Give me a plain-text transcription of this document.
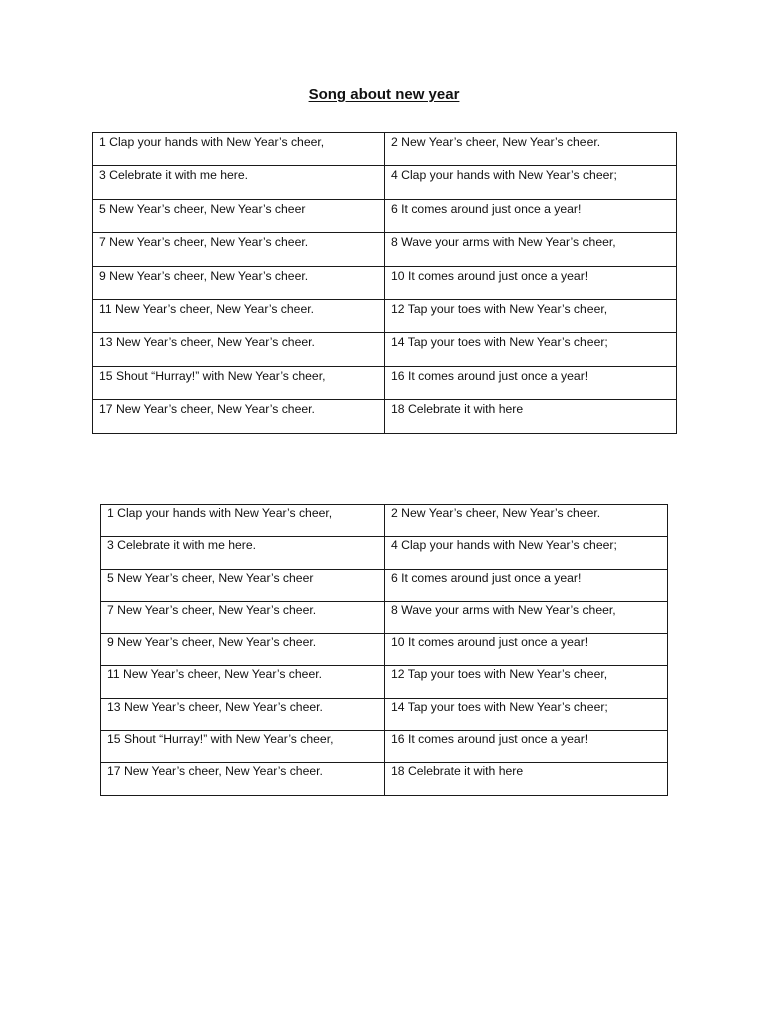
Song about new year
1 Clap your hands with New Year’s cheer,	2 New Year’s cheer, New Year’s cheer.
3 Celebrate it with me here.	4 Clap your hands with New Year’s cheer;
5 New Year’s cheer, New Year’s cheer	6 It comes around just once a year!
7 New Year’s cheer, New Year’s cheer.	8 Wave your arms with New Year’s cheer,
9 New Year’s cheer, New Year’s cheer.	10 It comes around just once a year!
11 New Year’s cheer, New Year’s cheer.	12 Tap your toes with New Year’s cheer,
13 New Year’s cheer, New Year’s cheer.	14 Tap your toes with New Year’s cheer;
15 Shout “Hurray!” with New Year’s cheer,	16 It comes around just once a year!
17 New Year’s cheer, New Year’s cheer.	18 Celebrate it with here
1 Clap your hands with New Year’s cheer,	2 New Year’s cheer, New Year’s cheer.
3 Celebrate it with me here.	4 Clap your hands with New Year’s cheer;
5 New Year’s cheer, New Year’s cheer	6 It comes around just once a year!
7 New Year’s cheer, New Year’s cheer.	8 Wave your arms with New Year’s cheer,
9 New Year’s cheer, New Year’s cheer.	10 It comes around just once a year!
11 New Year’s cheer, New Year’s cheer.	12 Tap your toes with New Year’s cheer,
13 New Year’s cheer, New Year’s cheer.	14 Tap your toes with New Year’s cheer;
15 Shout “Hurray!” with New Year’s cheer,	16 It comes around just once a year!
17 New Year’s cheer, New Year’s cheer.	18 Celebrate it with here
